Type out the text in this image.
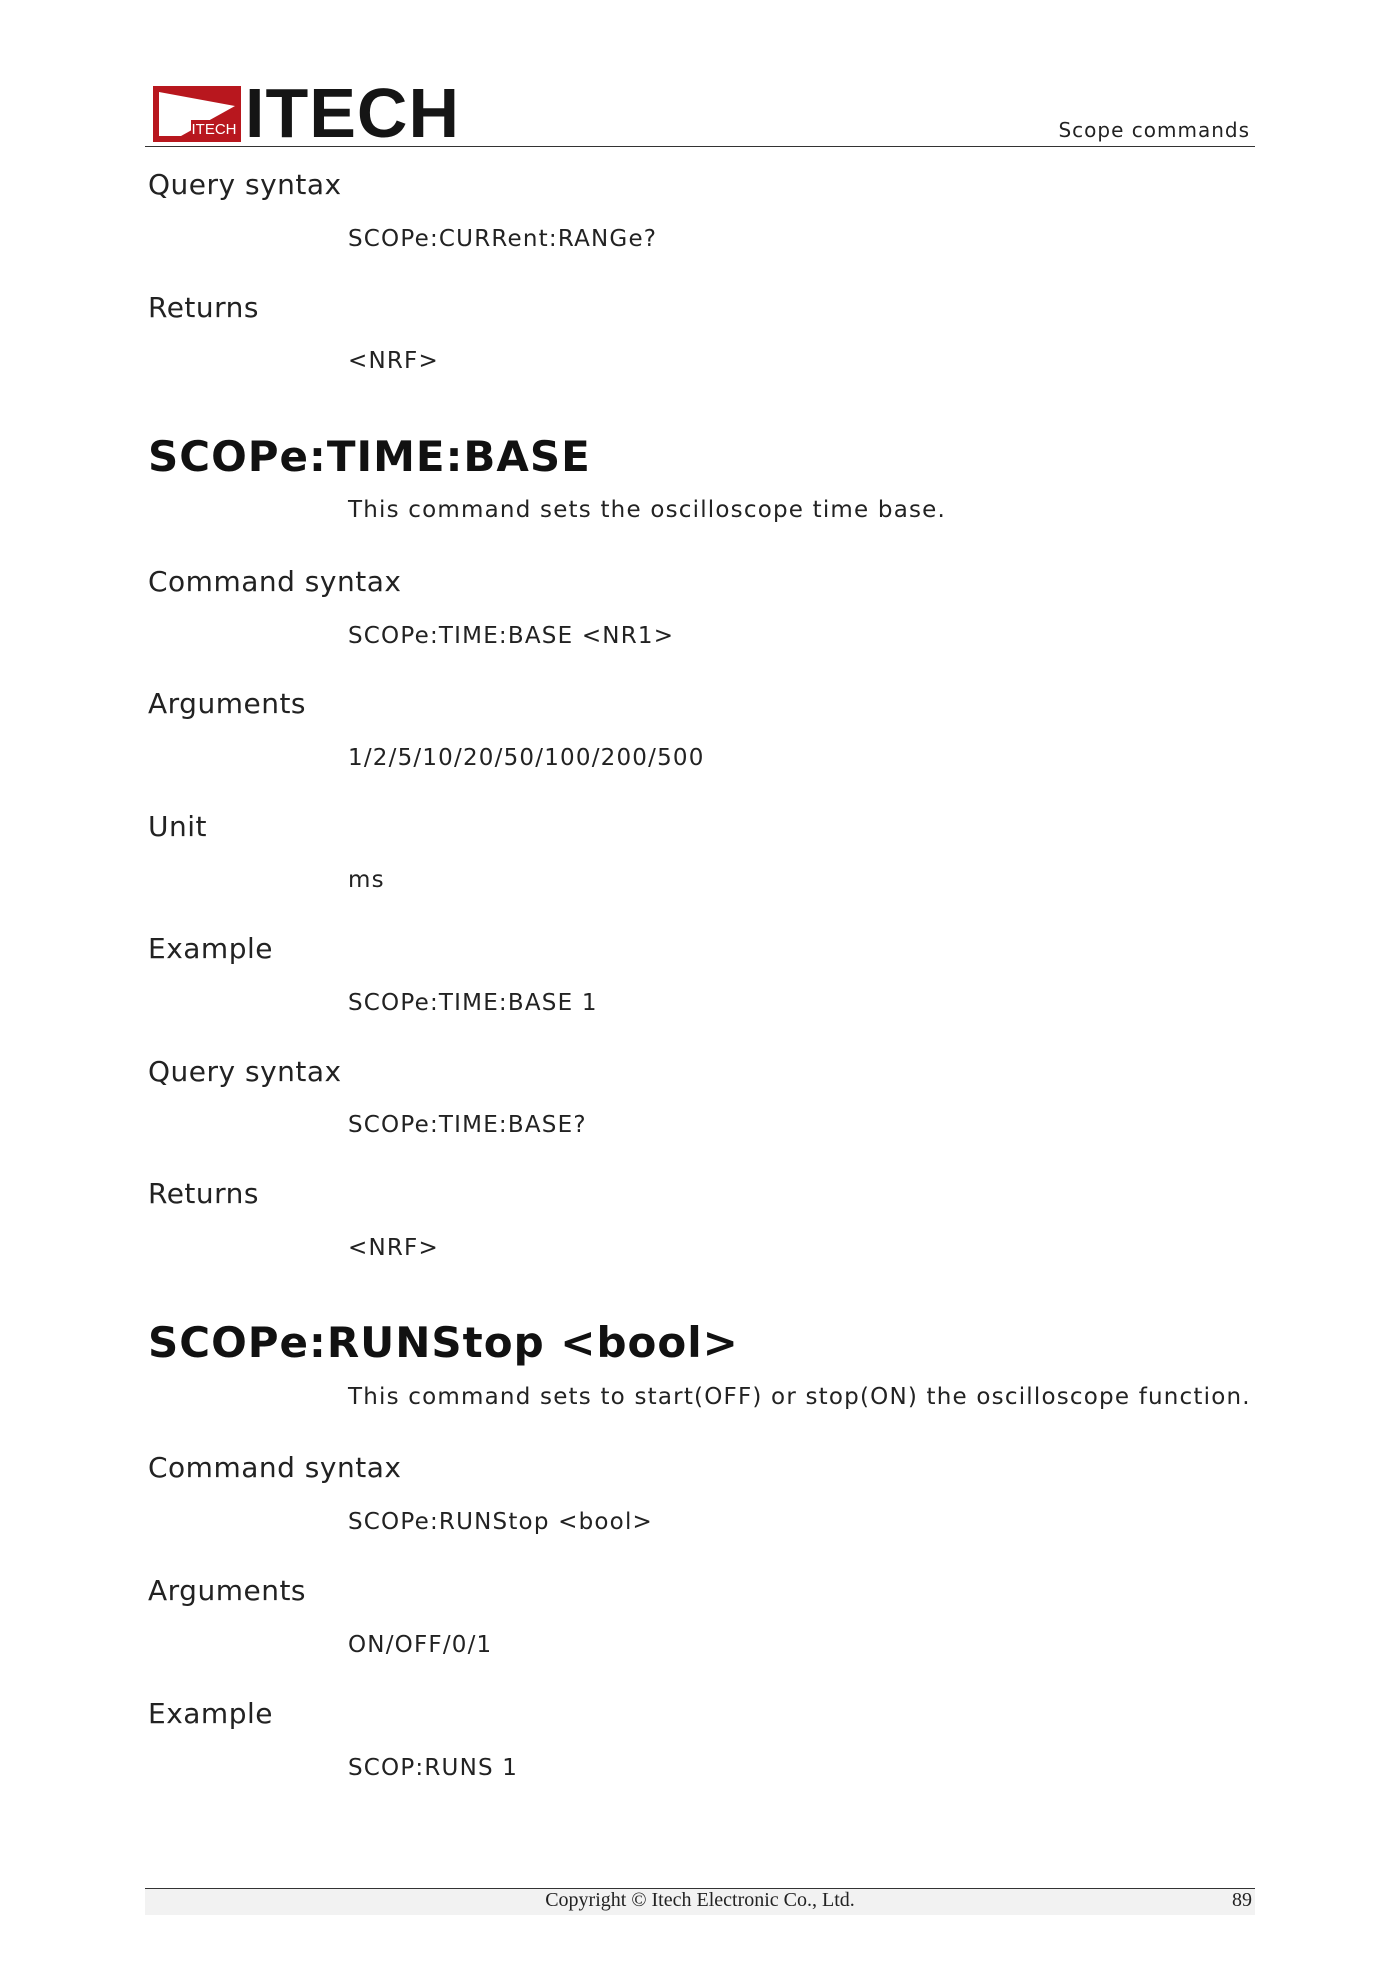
ITECH ITECH	Scope commands

Query syntax

SCOPe:CURRent:RANGe?

Returns

<NRF>

SCOPe:TIME:BASE

This command sets the oscilloscope time base.

Command syntax

SCOPe:TIME:BASE <NR1>

Arguments

1/2/5/10/20/50/100/200/500

Unit

ms

Example

SCOPe:TIME:BASE 1

Query syntax

SCOPe:TIME:BASE?

Returns

<NRF>

SCOPe:RUNStop <bool>

This command sets to start(OFF) or stop(ON) the oscilloscope function.

Command syntax

SCOPe:RUNStop <bool>

Arguments

ON/OFF/0/1

Example

SCOP:RUNS 1

Copyright © Itech Electronic Co., Ltd.	89
